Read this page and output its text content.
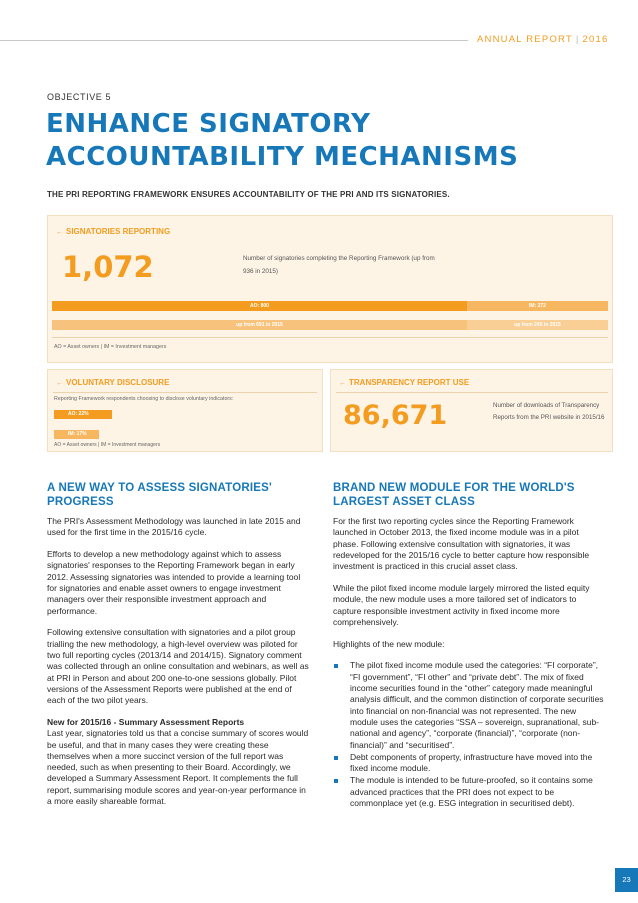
ANNUAL REPORT | 2016
OBJECTIVE 5
ENHANCE SIGNATORY
ACCOUNTABILITY MECHANISMS
THE PRI REPORTING FRAMEWORK ENSURES ACCOUNTABILITY OF THE PRI AND ITS SIGNATORIES.
← SIGNATORIES REPORTING
1,072	Number of signatories completing the Reporting Framework (up from 936 in 2015)
AO: 800	IM: 272
up from 691 in 2015	up from 245 in 2015
AO = Asset owners | IM = Investment managers
← VOLUNTARY DISCLOSURE
Reporting Framework respondents choosing to disclose voluntary indicators:
AO: 22%
IM: 17%
AO = Asset owners | IM = Investment managers
← TRANSPARENCY REPORT USE
86,671	Number of downloads of Transparency Reports from the PRI website in 2015/16
A NEW WAY TO ASSESS SIGNATORIES' PROGRESS

The PRI's Assessment Methodology was launched in late 2015 and used for the first time in the 2015/16 cycle.

Efforts to develop a new methodology against which to assess signatories' responses to the Reporting Framework began in early 2012. Assessing signatories was intended to provide a learning tool for signatories and enable asset owners to engage investment managers over their responsible investment approach and performance.

Following extensive consultation with signatories and a pilot group trialling the new methodology, a high-level overview was piloted for two full reporting cycles (2013/14 and 2014/15). Signatory comment was collected through an online consultation and webinars, as well as at PRI in Person and about 200 one-to-one sessions globally. Pilot versions of the Assessment Reports were published at the end of each of the two pilot years.

New for 2015/16 - Summary Assessment Reports
Last year, signatories told us that a concise summary of scores would be useful, and that in many cases they were creating these themselves when a more succinct version of the full report was needed, such as when presenting to their Board. Accordingly, we developed a Summary Assessment Report. It complements the full report, summarising module scores and year-on-year performance in a more easily shareable format.

BRAND NEW MODULE FOR THE WORLD'S LARGEST ASSET CLASS

For the first two reporting cycles since the Reporting Framework launched in October 2013, the fixed income module was in a pilot phase. Following extensive consultation with signatories, it was redeveloped for the 2015/16 cycle to better capture how responsible investment is practiced in this crucial asset class.

While the pilot fixed income module largely mirrored the listed equity module, the new module uses a more tailored set of indicators to capture responsible investment activity in fixed income more comprehensively.

Highlights of the new module:

The pilot fixed income module used the categories: “FI corporate”, “FI government”, “FI other” and “private debt”. The mix of fixed income securities found in the “other” category made meaningful analysis difficult, and the common distinction of corporate securities into financial on non-financial was not represented. The new module uses the categories “SSA – sovereign, supranational, sub-national and agency”, “corporate (financial)”, “corporate (non-financial)” and “securitised”.
Debt components of property, infrastructure have moved into the fixed income module.
The module is intended to be future-proofed, so it contains some advanced practices that the PRI does not expect to be commonplace yet (e.g. ESG integration in securitised debt).
23
